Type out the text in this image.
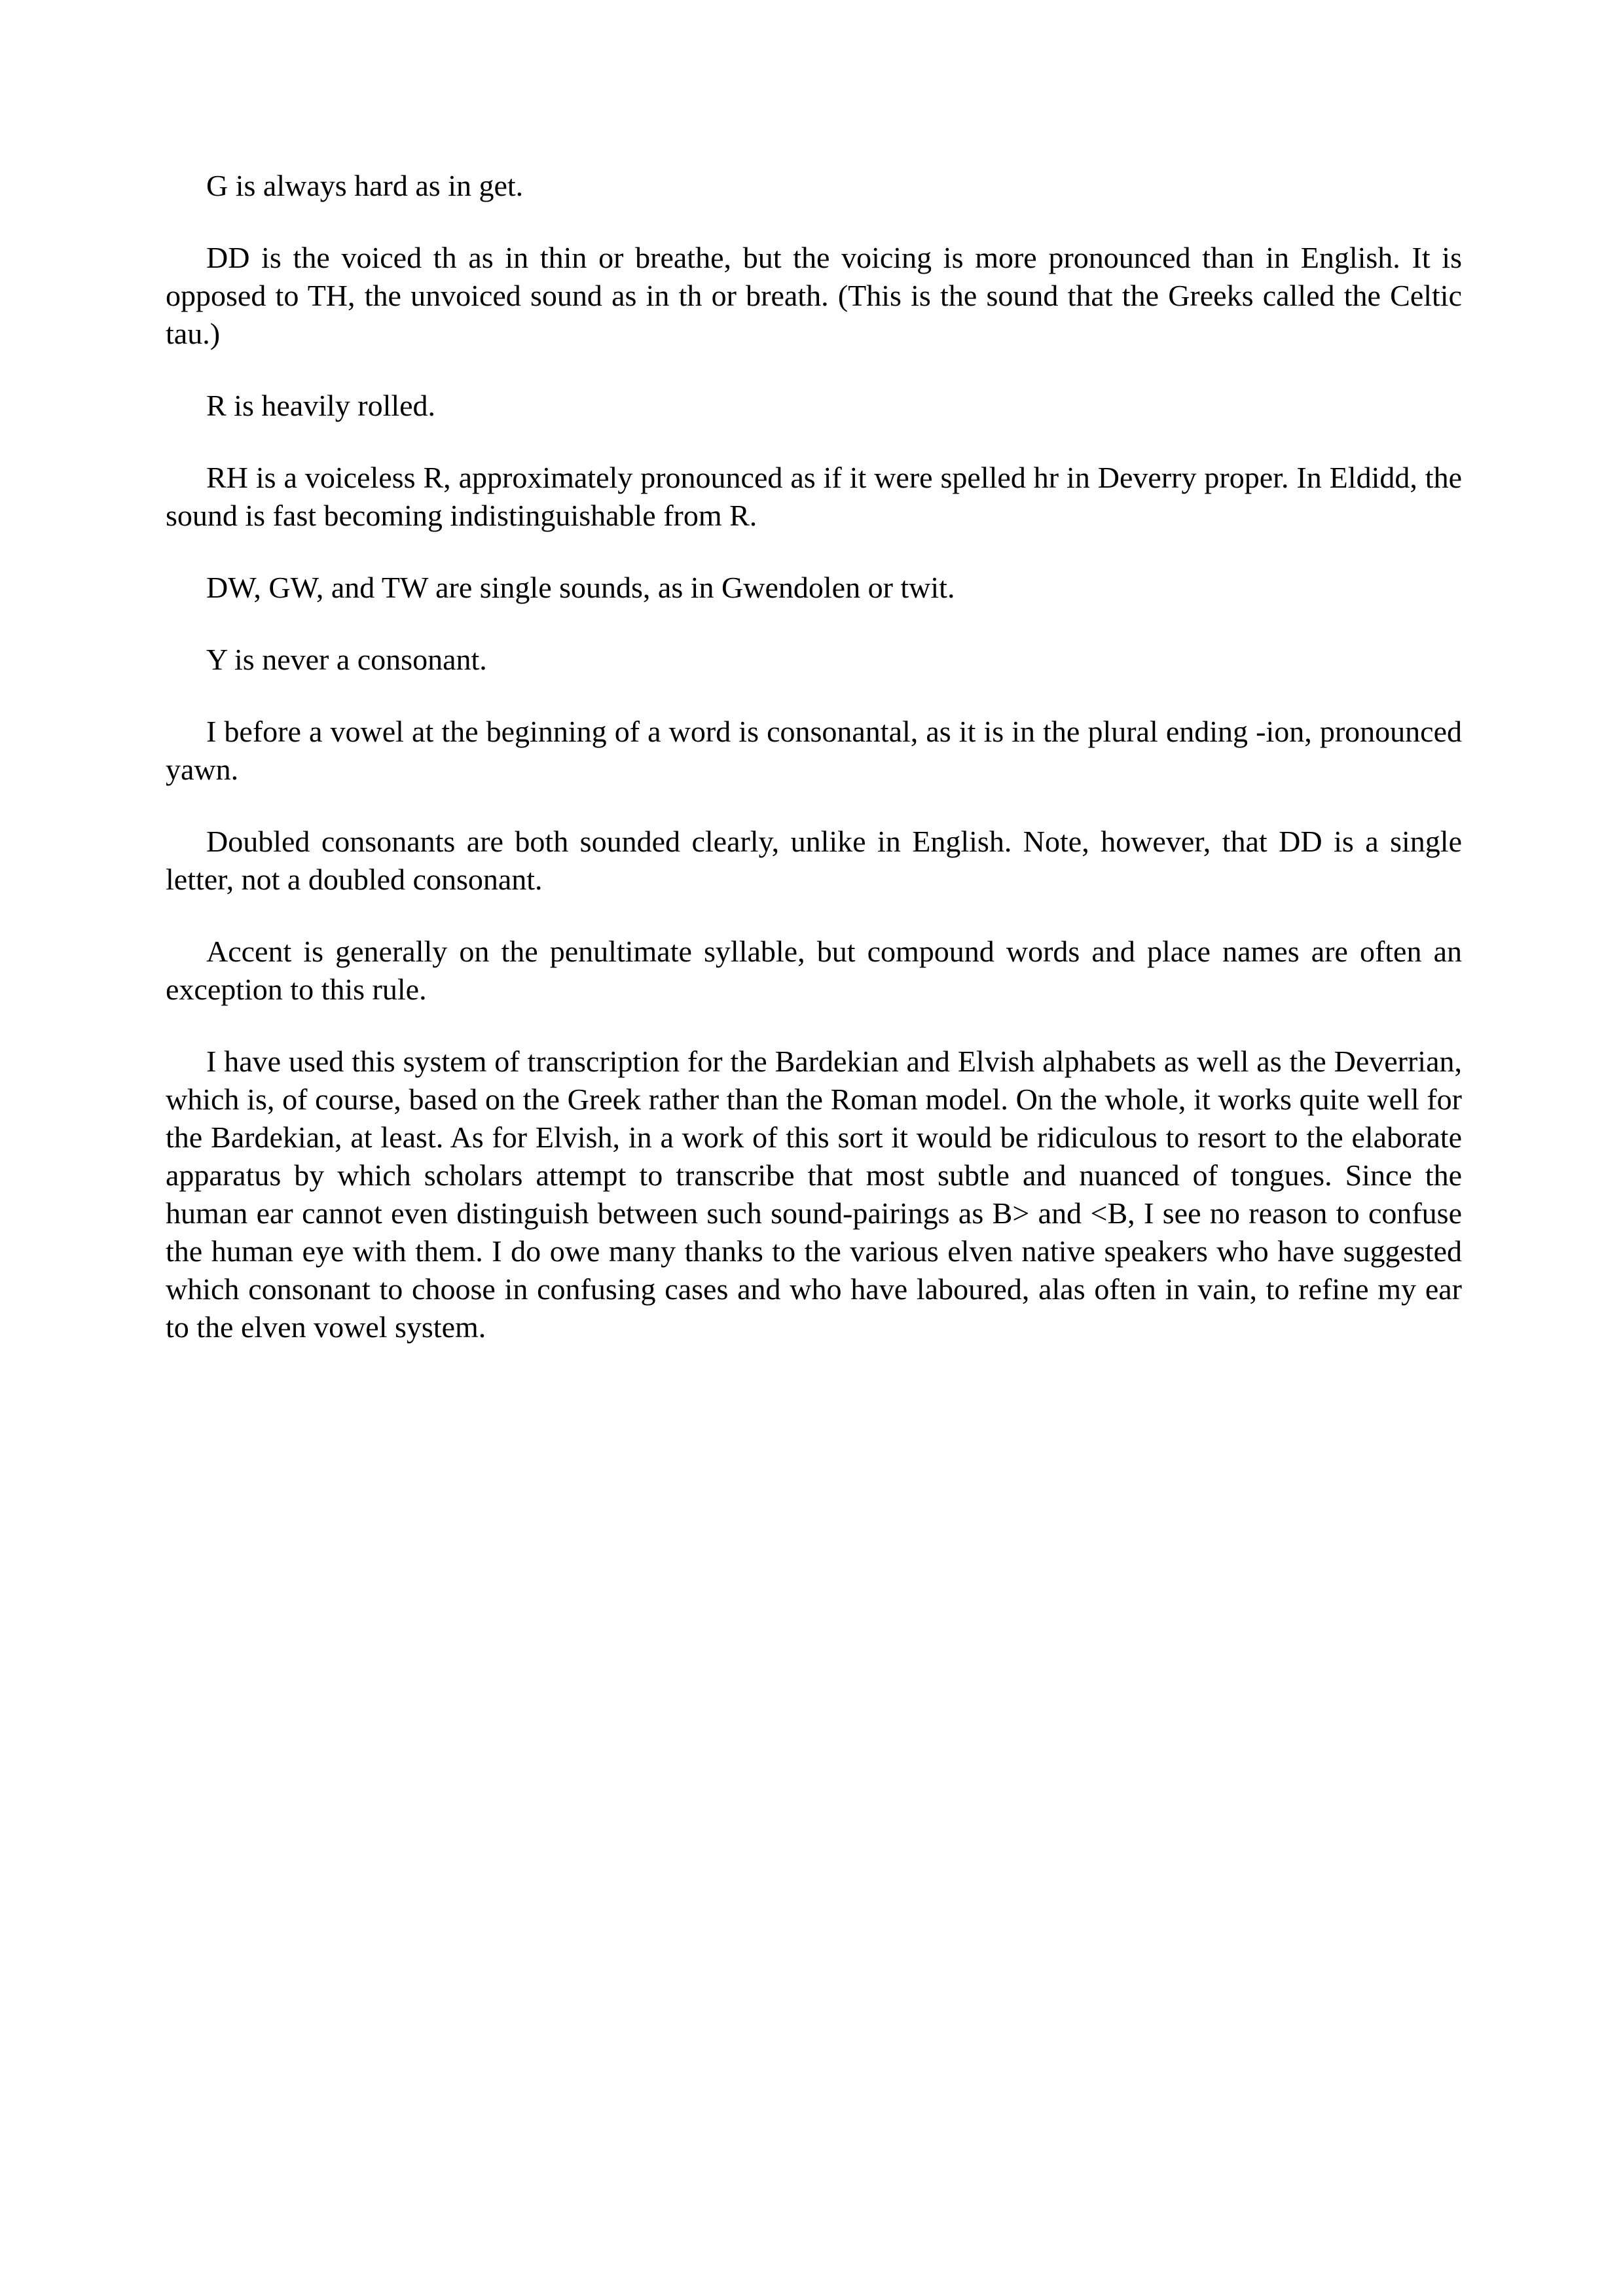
G is always hard as in get.

DD is the voiced th as in thin or breathe, but the voicing is more pronounced than in English. It is opposed to TH, the unvoiced sound as in th or breath. (This is the sound that the Greeks called the Celtic tau.)

R is heavily rolled.

RH is a voiceless R, approximately pronounced as if it were spelled hr in Deverry proper. In Eldidd, the sound is fast becoming indistinguishable from R.

DW, GW, and TW are single sounds, as in Gwendolen or twit.

Y is never a consonant.

I before a vowel at the beginning of a word is consonantal, as it is in the plural ending -ion, pronounced yawn.

Doubled consonants are both sounded clearly, unlike in English. Note, however, that DD is a single letter, not a doubled consonant.

Accent is generally on the penultimate syllable, but compound words and place names are often an exception to this rule.

I have used this system of transcription for the Bardekian and Elvish alphabets as well as the Deverrian, which is, of course, based on the Greek rather than the Roman model. On the whole, it works quite well for the Bardekian, at least. As for Elvish, in a work of this sort it would be ridiculous to resort to the elaborate apparatus by which scholars attempt to transcribe that most subtle and nuanced of tongues. Since the human ear cannot even distinguish between such sound-pairings as B> and <B, I see no reason to confuse the human eye with them. I do owe many thanks to the various elven native speakers who have suggested which consonant to choose in confusing cases and who have laboured, alas often in vain, to refine my ear to the elven vowel system.
